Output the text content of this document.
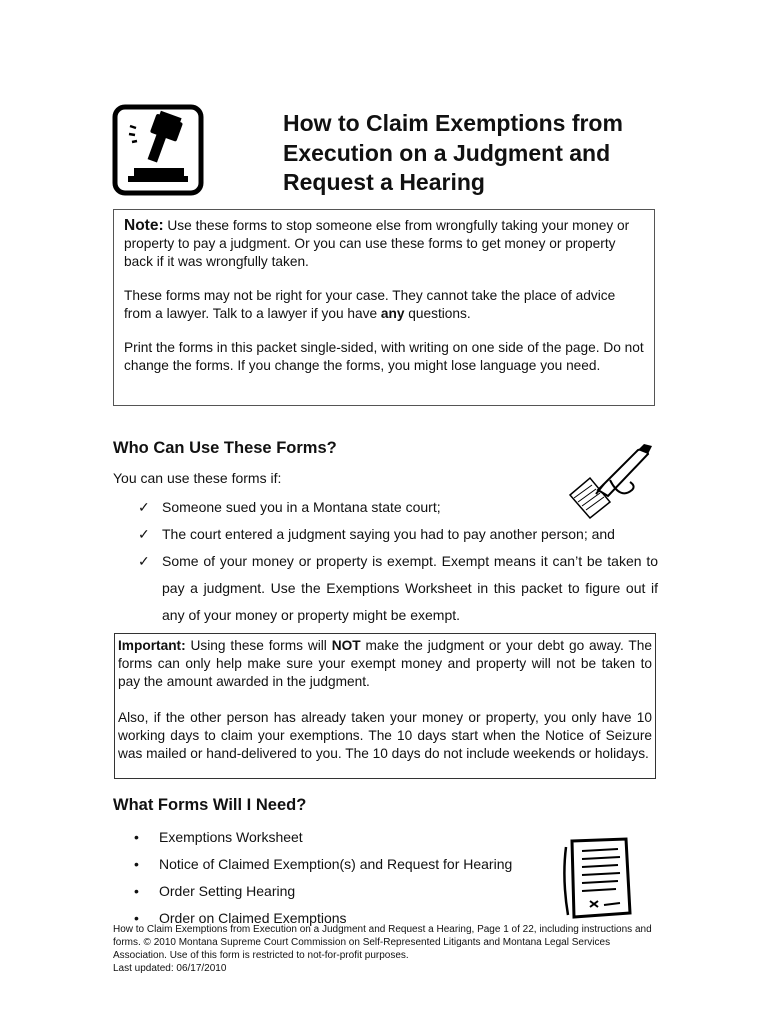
How to Claim Exemptions from Execution on a Judgment and Request a Hearing

Note: Use these forms to stop someone else from wrongfully taking your money or property to pay a judgment. Or you can use these forms to get money or property back if it was wrongfully taken.

These forms may not be right for your case. They cannot take the place of advice from a lawyer. Talk to a lawyer if you have any questions.

Print the forms in this packet single-sided, with writing on one side of the page. Do not change the forms. If you change the forms, you might lose language you need.

Who Can Use These Forms?
You can use these forms if:
✓ Someone sued you in a Montana state court;
✓ The court entered a judgment saying you had to pay another person; and
✓ Some of your money or property is exempt. Exempt means it can’t be taken to pay a judgment. Use the Exemptions Worksheet in this packet to figure out if any of your money or property might be exempt.

Important: Using these forms will NOT make the judgment or your debt go away. The forms can only help make sure your exempt money and property will not be taken to pay the amount awarded in the judgment.

Also, if the other person has already taken your money or property, you only have 10 working days to claim your exemptions. The 10 days start when the Notice of Seizure was mailed or hand-delivered to you. The 10 days do not include weekends or holidays.

What Forms Will I Need?
• Exemptions Worksheet
• Notice of Claimed Exemption(s) and Request for Hearing
• Order Setting Hearing
• Order on Claimed Exemptions
How to Claim Exemptions from Execution on a Judgment and Request a Hearing, Page 1 of 22, including instructions and forms. © 2010 Montana Supreme Court Commission on Self-Represented Litigants and Montana Legal Services Association. Use of this form is restricted to not-for-profit purposes.
Last updated: 06/17/2010
